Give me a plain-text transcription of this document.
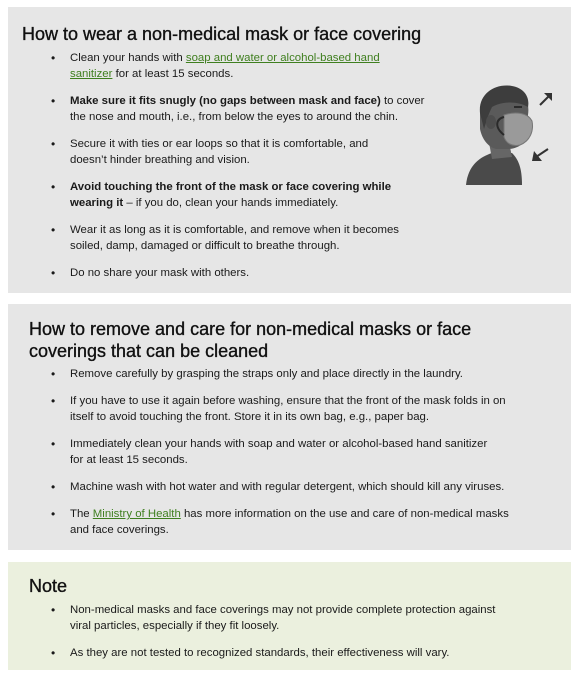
How to wear a non-medical mask or face covering
• Clean your hands with soap and water or alcohol-based hand
sanitizer for at least 15 seconds.
• Make sure it fits snugly (no gaps between mask and face) to cover
the nose and mouth, i.e., from below the eyes to around the chin.
• Secure it with ties or ear loops so that it is comfortable, and
doesn’t hinder breathing and vision.
• Avoid touching the front of the mask or face covering while
wearing it – if you do, clean your hands immediately.
• Wear it as long as it is comfortable, and remove when it becomes
soiled, damp, damaged or difficult to breathe through.
• Do no share your mask with others.
How to remove and care for non-medical masks or face
coverings that can be cleaned
• Remove carefully by grasping the straps only and place directly in the laundry.
• If you have to use it again before washing, ensure that the front of the mask folds in on
itself to avoid touching the front. Store it in its own bag, e.g., paper bag.
• Immediately clean your hands with soap and water or alcohol-based hand sanitizer
for at least 15 seconds.
• Machine wash with hot water and with regular detergent, which should kill any viruses.
• The Ministry of Health has more information on the use and care of non-medical masks
and face coverings.
Note
• Non-medical masks and face coverings may not provide complete protection against
viral particles, especially if they fit loosely.
• As they are not tested to recognized standards, their effectiveness will vary.
